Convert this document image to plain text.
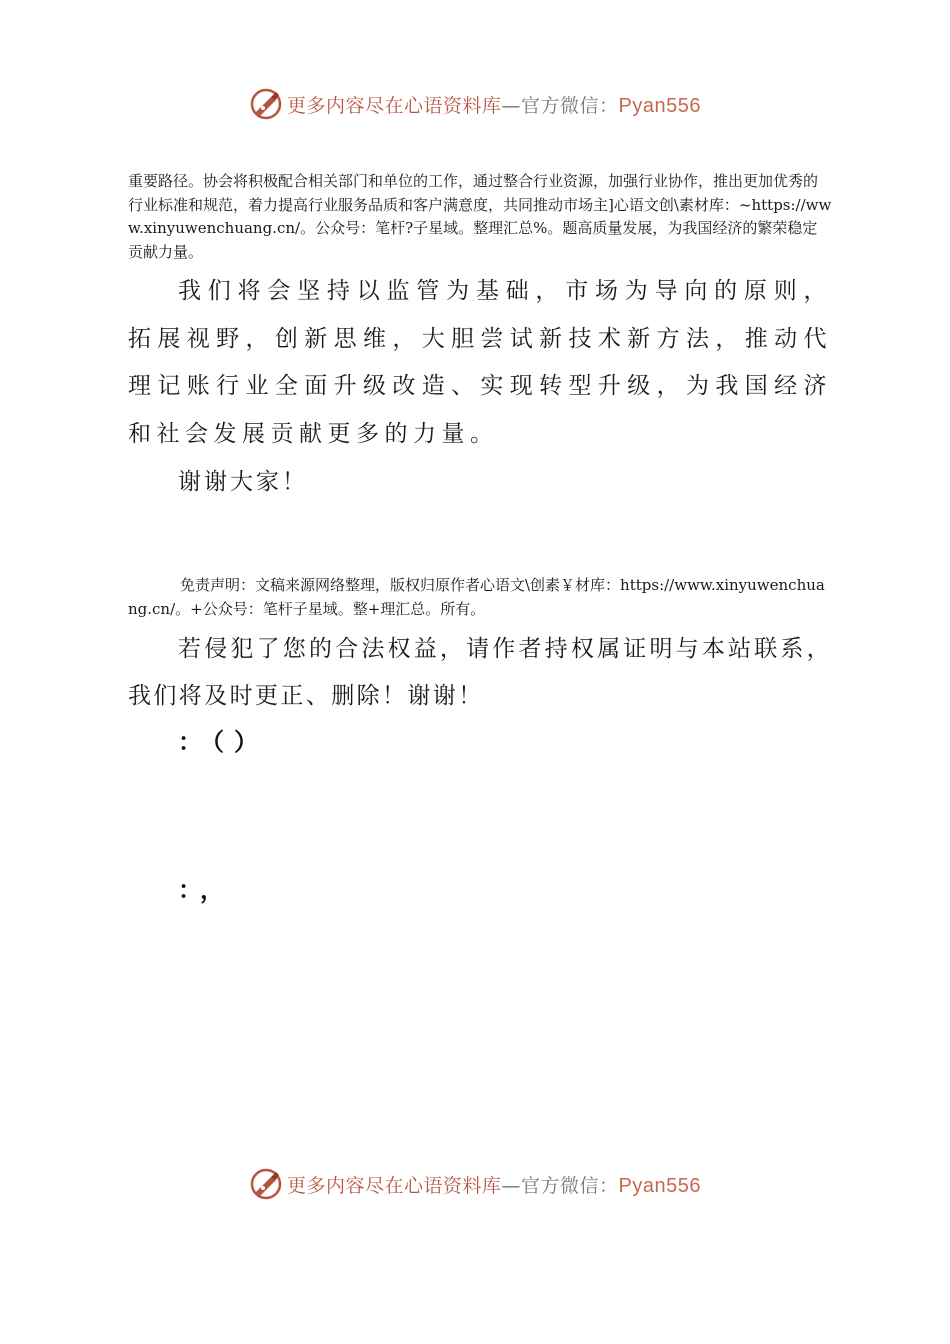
更多内容尽在心语资料库—官方微信：Pyan556

重要路径。协会将积极配合相关部门和单位的工作，通过整合行业资源，加强行业协作，推出更加优秀的行业标准和规范，着力提高行业服务品质和客户满意度，共同推动市场主]心语文创\素材库：~https://www.xinyuwenchuang.cn/。公众号：笔杆?子星域。整理汇总%。题高质量发展，为我国经济的繁荣稳定贡献力量。

我们将会坚持以监管为基础，市场为导向的原则，拓展视野，创新思维，大胆尝试新技术新方法，推动代理记账行业全面升级改造、实现转型升级，为我国经济和社会发展贡献更多的力量。

谢谢大家！

免责声明：文稿来源网络整理，版权归原作者心语文\创素￥材库：https://www.xinyuwenchuang.cn/。+公众号：笔杆子星域。整+理汇总。所有。

若侵犯了您的合法权益，请作者持权属证明与本站联系，我们将及时更正、删除！谢谢！

：（）

：，

更多内容尽在心语资料库—官方微信：Pyan556
